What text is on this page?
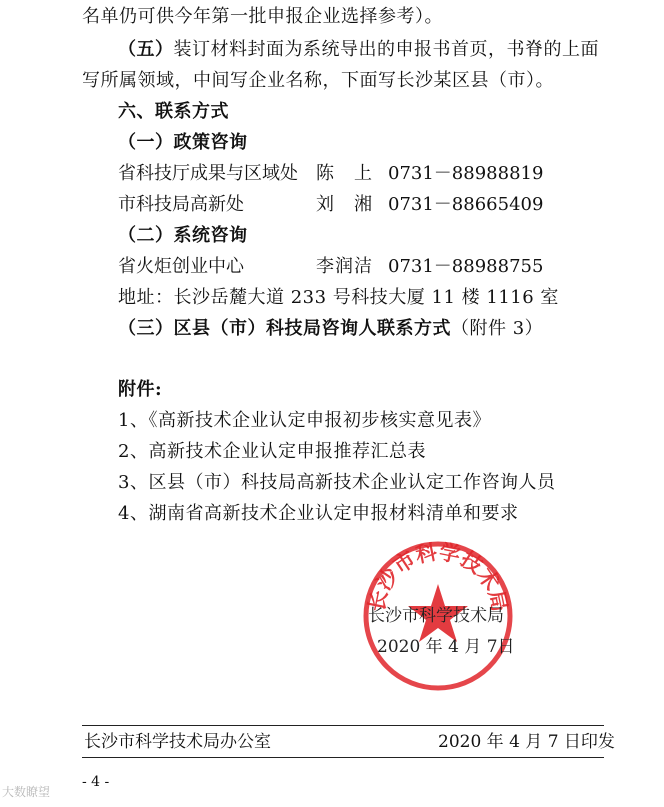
名单仍可供今年第一批申报企业选择参考）。
（五）装订材料封面为系统导出的申报书首页，书脊的上面
写所属领域，中间写企业名称，下面写长沙某区县（市）。
六、联系方式
（一）政策咨询
省科技厅成果与区域处 陈　上 0731－88988819
市科技局高新处	刘　湘 0731－88665409
（二）系统咨询
省火炬创业中心	李润洁 0731－88988755
地址：长沙岳麓大道 233 号科技大厦 11 楼 1116 室
（三）区县（市）科技局咨询人联系方式（附件 3）
附件:
1、《高新技术企业认定申报初步核实意见表》
2、高新技术企业认定申报推荐汇总表
3、区县（市）科技局高新技术企业认定工作咨询人员
4、湖南省高新技术企业认定申报材料清单和要求
长沙市科学技术局
长沙市科学技术局
2020 年 4 月 7日
长沙市科学技术局办公室	2020 年 4 月 7 日印发
- 4 -
大数瞭望
